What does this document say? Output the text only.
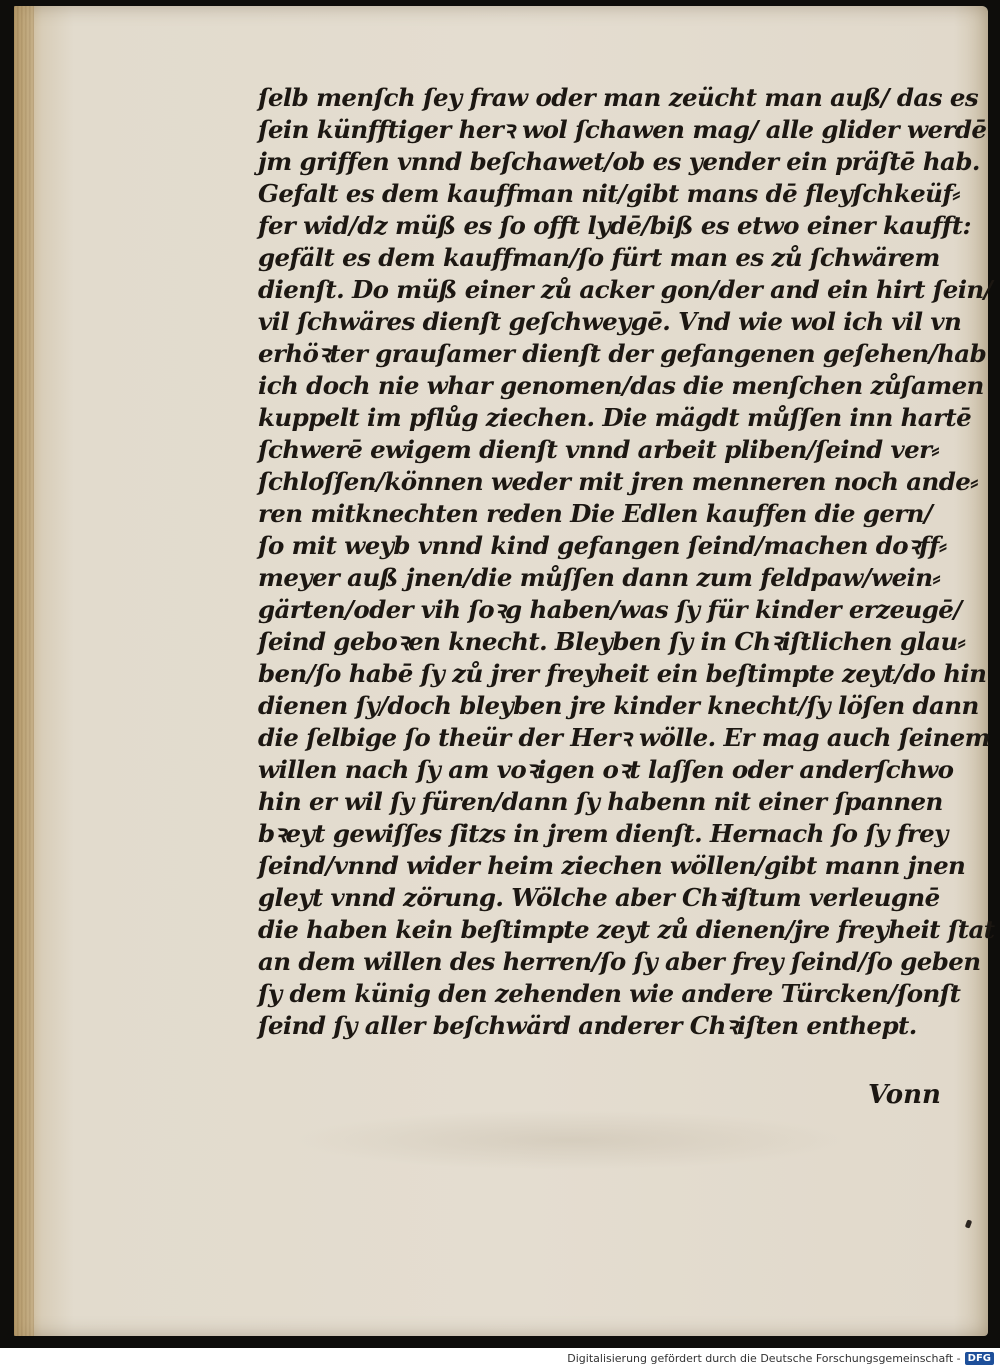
ſelb menſch ſey fraw oder man zeücht man auß/ das es
ſein künfftiger herꝛ wol ſchawen mag/ alle glider werdē
jm griffen vnnd beſchawet/ob es yender ein präſtē hab.
Gefalt es dem kauffman nit/gibt mans dē fleyſchkeüf⸗
fer wid/dz müß es ſo offt lydē/biß es etwo einer kaufft:
gefält es dem kauffman/ſo fürt man es zů ſchwärem
dienſt. Do müß einer zů acker gon/der and ein hirt ſein/
vil ſchwäres dienſt geſchweygē. Vnd wie wol ich vil vn
erhöꝛter grauſamer dienſt der gefangenen geſehen/hab
ich doch nie whar genomen/das die menſchen zůſamen
kuppelt im pflůg ziechen. Die mägdt můſſen inn hartē
ſchwerē ewigem dienſt vnnd arbeit pliben/ſeind ver⸗
ſchloſſen/können weder mit jren menneren noch ande⸗
ren mitknechten reden Die Edlen kauffen die gern/
ſo mit weyb vnnd kind gefangen ſeind/machen doꝛff⸗
meyer auß jnen/die můſſen dann zum feldpaw/wein⸗
gärten/oder vih ſoꝛg haben/was ſy für kinder erzeugē/
ſeind geboꝛen knecht. Bleyben ſy in Chꝛiſtlichen glau⸗
ben/ſo habē ſy zů jrer freyheit ein beſtimpte zeyt/do hin
dienen ſy/doch bleyben jre kinder knecht/ſy löſen dann
die ſelbige ſo theür der Herꝛ wölle. Er mag auch ſeinem
willen nach ſy am voꝛigen oꝛt laſſen oder anderſchwo
hin er wil ſy füren/dann ſy habenn nit einer ſpannen
bꝛeyt gewiſſes ſitzs in jrem dienſt. Hernach ſo ſy frey
ſeind/vnnd wider heim ziechen wöllen/gibt mann jnen
gleyt vnnd zörung. Wölche aber Chꝛiſtum verleugnē
die haben kein beſtimpte zeyt zů dienen/jre freyheit ſtat
an dem willen des herren/ſo ſy aber frey ſeind/ſo geben
ſy dem künig den zehenden wie andere Türcken/ſonſt
ſeind ſy aller beſchwärd anderer Chꝛiſten enthept.
Vonn
Digitalisierung gefördert durch die Deutsche Forschungsgemeinschaft - DFG
